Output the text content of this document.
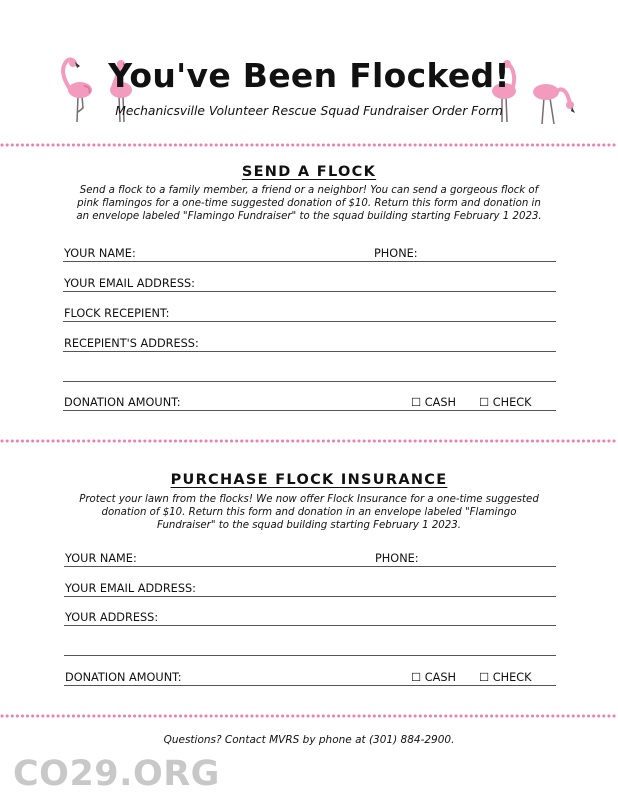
You've Been Flocked!

Mechanicsville Volunteer Rescue Squad Fundraiser Order Form

SEND A FLOCK

Send a flock to a family member, a friend or a neighbor! You can send a gorgeous flock of pink flamingos for a one-time suggested donation of $10. Return this form and donation in an envelope labeled "Flamingo Fundraiser" to the squad building starting February 1 2023.

YOUR NAME:	PHONE:
YOUR EMAIL ADDRESS:
FLOCK RECEPIENT:
RECEPIENT'S ADDRESS:
DONATION AMOUNT:	☐ CASH ☐ CHECK
PURCHASE FLOCK INSURANCE

Protect your lawn from the flocks! We now offer Flock Insurance for a one-time suggested donation of $10. Return this form and donation in an envelope labeled "Flamingo Fundraiser" to the squad building starting February 1 2023.

YOUR NAME:	PHONE:
YOUR EMAIL ADDRESS:
YOUR ADDRESS:
DONATION AMOUNT:	☐ CASH ☐ CHECK
Questions? Contact MVRS by phone at (301) 884-2900.
CO29.ORG
